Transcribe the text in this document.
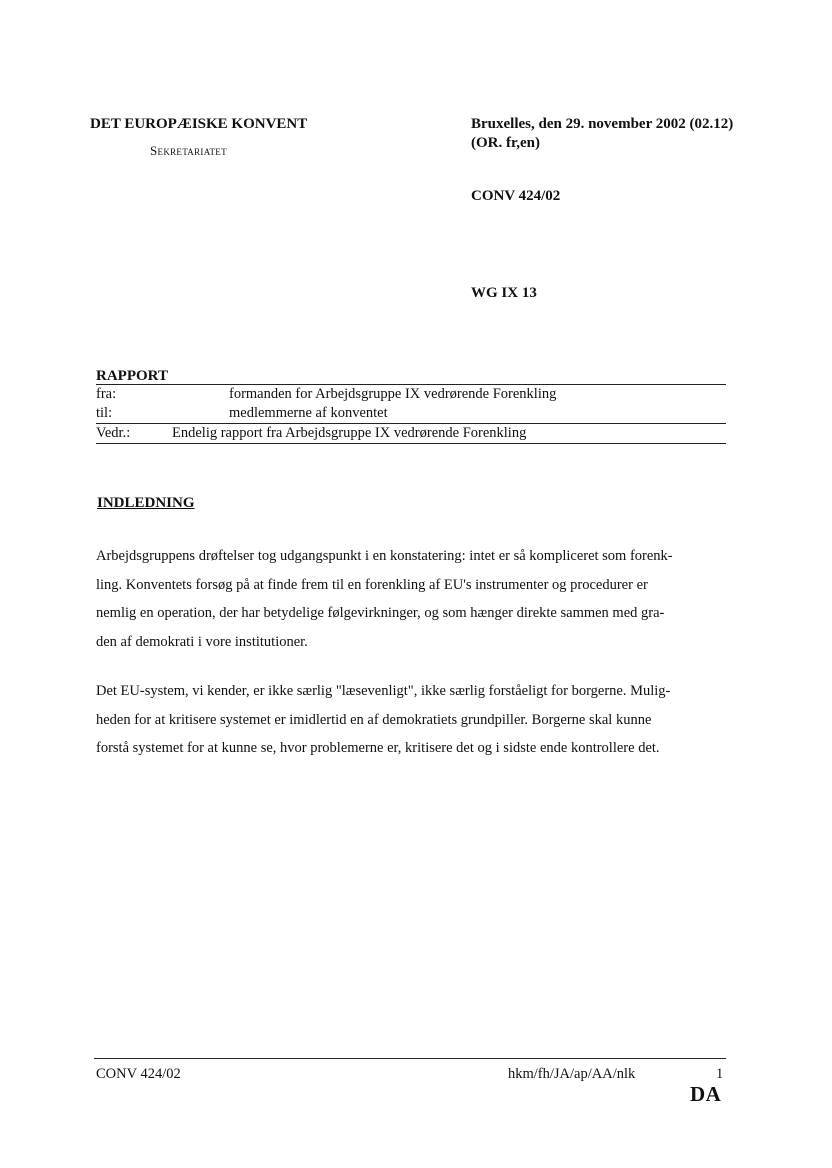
DET EUROPÆISKE KONVENT
Sekretariatet
Bruxelles, den 29. november 2002 (02.12)
(OR. fr,en)
CONV 424/02
WG IX 13
RAPPORT
fra:	formanden for Arbejdsgruppe IX vedrørende Forenkling
til:	medlemmerne af konventet
Vedr.:	Endelig rapport fra Arbejdsgruppe IX vedrørende Forenkling
INDLEDNING
Arbejdsgruppens drøftelser tog udgangspunkt i en konstatering: intet er så kompliceret som forenk-
ling. Konventets forsøg på at finde frem til en forenkling af EU's instrumenter og procedurer er
nemlig en operation, der har betydelige følgevirkninger, og som hænger direkte sammen med gra-
den af demokrati i vore institutioner.
Det EU-system, vi kender, er ikke særlig "læsevenligt", ikke særlig forståeligt for borgerne. Mulig-
heden for at kritisere systemet er imidlertid en af demokratiets grundpiller. Borgerne skal kunne
forstå systemet for at kunne se, hvor problemerne er, kritisere det og i sidste ende kontrollere det.
CONV 424/02	hkm/fh/JA/ap/AA/nlk	1
DA
